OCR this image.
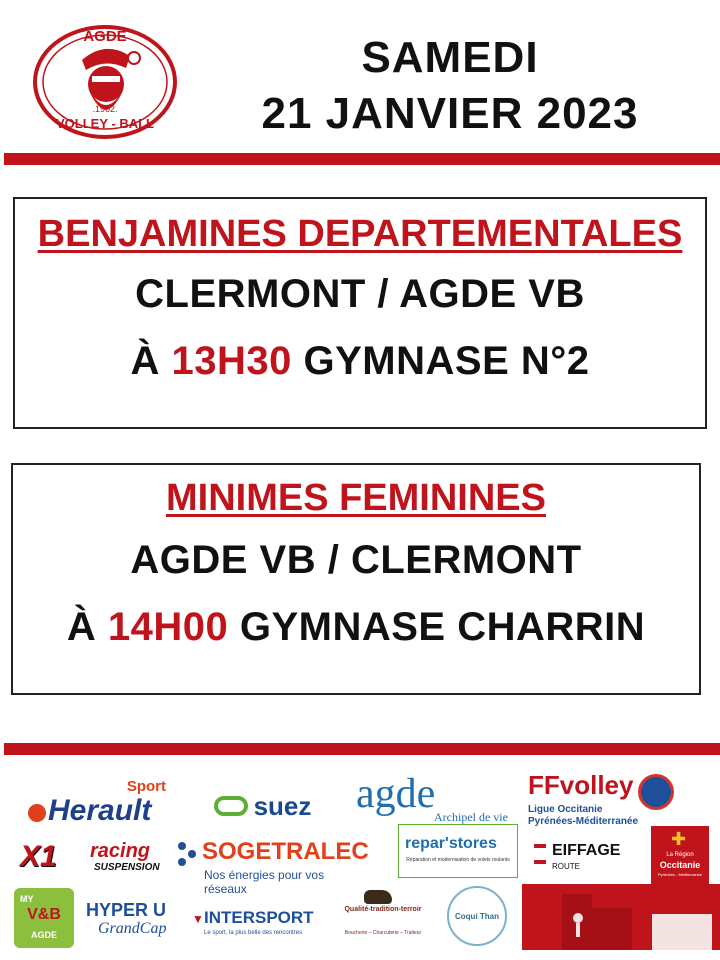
AGDE
.1962.
VOLLEY - BALL
SAMEDI
21 JANVIER 2023
BENJAMINES DEPARTEMENTALES
CLERMONT / AGDE VB
À 13H30 GYMNASE N°2
MINIMES FEMININES
AGDE VB / CLERMONT
À 14H00 GYMNASE CHARRIN
Sport
Herault	suez agde
Archipel de vie
FFvolley
Ligue Occitanie
Pyrénées-Méditerranée
X1 racing
SUSPENSION
SOGETRALEC
Nos énergies pour vos réseaux
repar'stores
Réparation et modernisation de volets roulants
EIFFAGE
ROUTE
✚
La Région
Occitanie
Pyrénées - Méditerranée
MY
V&B
AGDE
HYPER U
GrandCap
▼ INTERSPORT
Le sport, la plus belle des rencontres
Qualité-tradition-terroir
Boucherie – Charcuterie – Traiteur
Coqui Than
